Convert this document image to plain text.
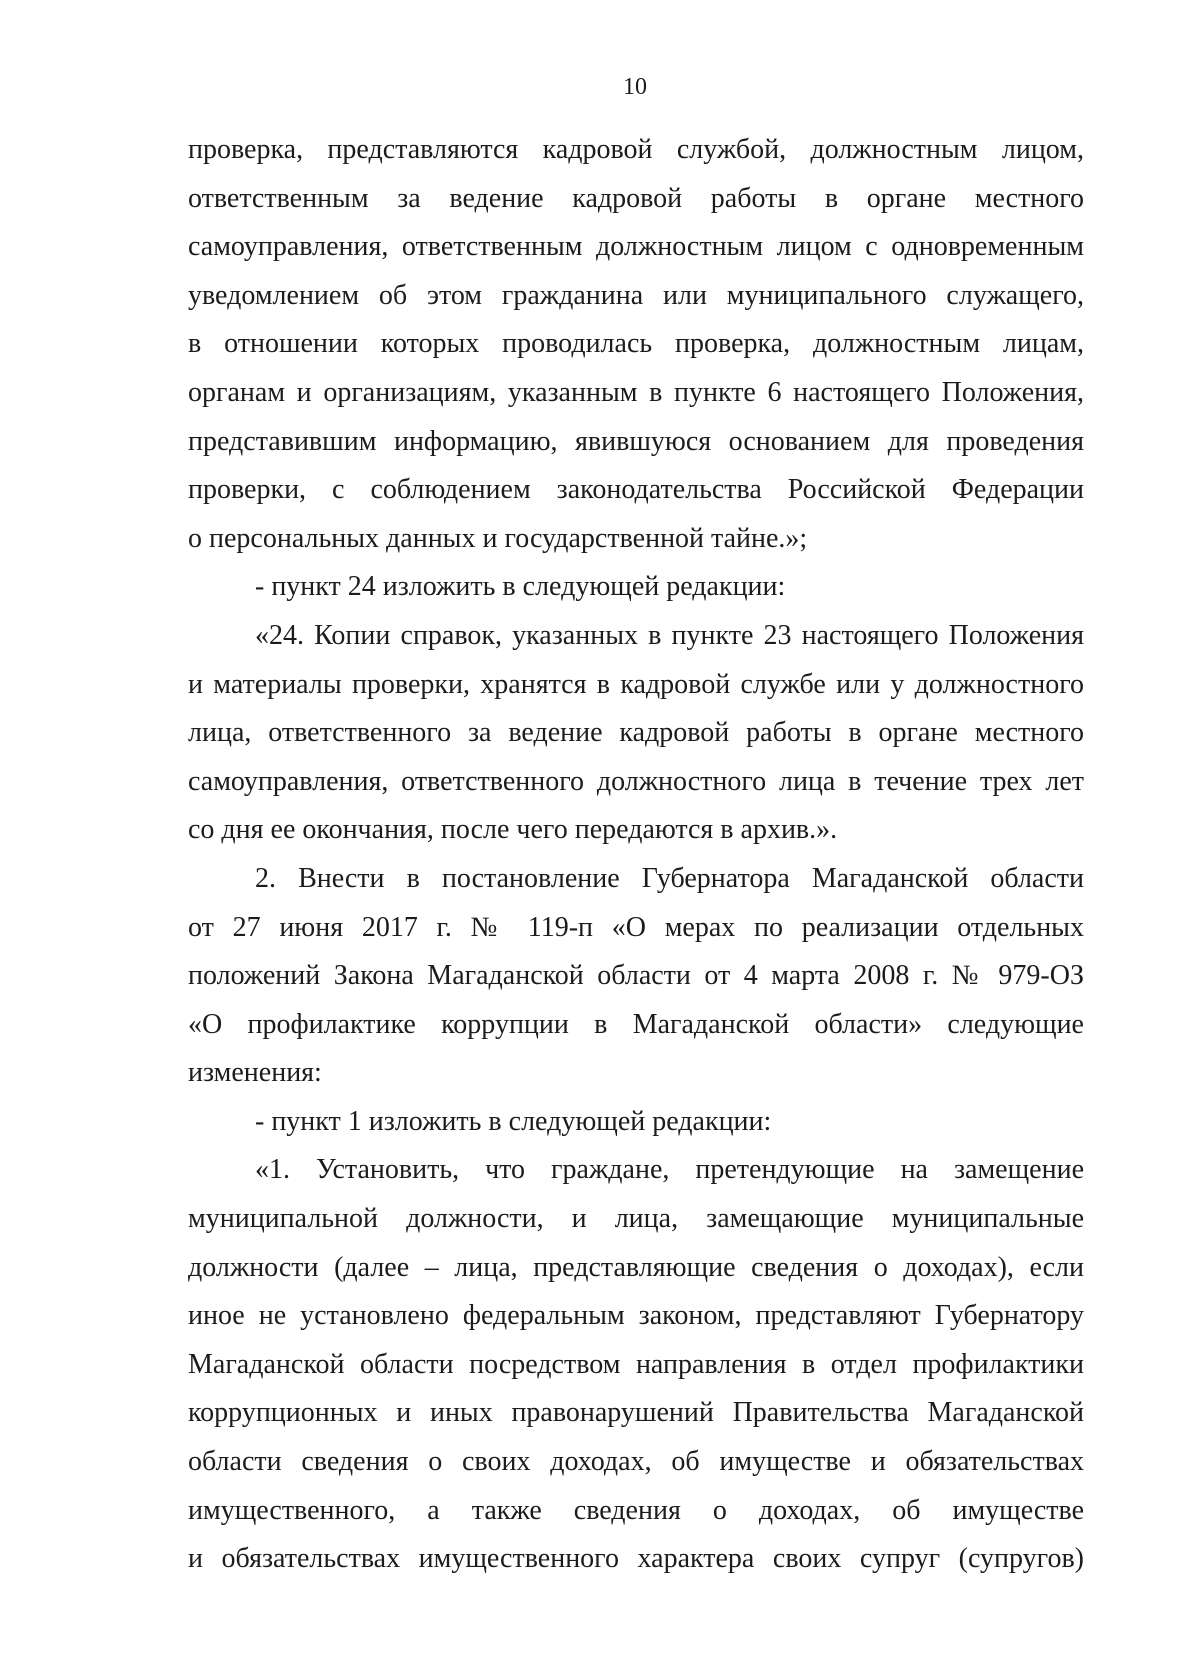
10
проверка, представляются кадровой службой, должностным лицом,
ответственным за ведение кадровой работы в органе местного
самоуправления, ответственным должностным лицом с одновременным
уведомлением об этом гражданина или муниципального служащего,
в отношении которых проводилась проверка, должностным лицам,
органам и организациям, указанным в пункте 6 настоящего Положения,
представившим информацию, явившуюся основанием для проведения
проверки, с соблюдением законодательства Российской Федерации
о персональных данных и государственной тайне.»;
- пункт 24 изложить в следующей редакции:
«24. Копии справок, указанных в пункте 23 настоящего Положения
и материалы проверки, хранятся в кадровой службе или у должностного
лица, ответственного за ведение кадровой работы в органе местного
самоуправления, ответственного должностного лица в течение трех лет
со дня ее окончания, после чего передаются в архив.».
2. Внести в постановление Губернатора Магаданской области
от 27 июня 2017 г. № 119-п «О мерах по реализации отдельных
положений Закона Магаданской области от 4 марта 2008 г. № 979-ОЗ
«О профилактике коррупции в Магаданской области» следующие
изменения:
- пункт 1 изложить в следующей редакции:
«1. Установить, что граждане, претендующие на замещение
муниципальной должности, и лица, замещающие муниципальные
должности (далее – лица, представляющие сведения о доходах), если
иное не установлено федеральным законом, представляют Губернатору
Магаданской области посредством направления в отдел профилактики
коррупционных и иных правонарушений Правительства Магаданской
области сведения о своих доходах, об имуществе и обязательствах
имущественного, а также сведения о доходах, об имуществе
и обязательствах имущественного характера своих супруг (супругов)
